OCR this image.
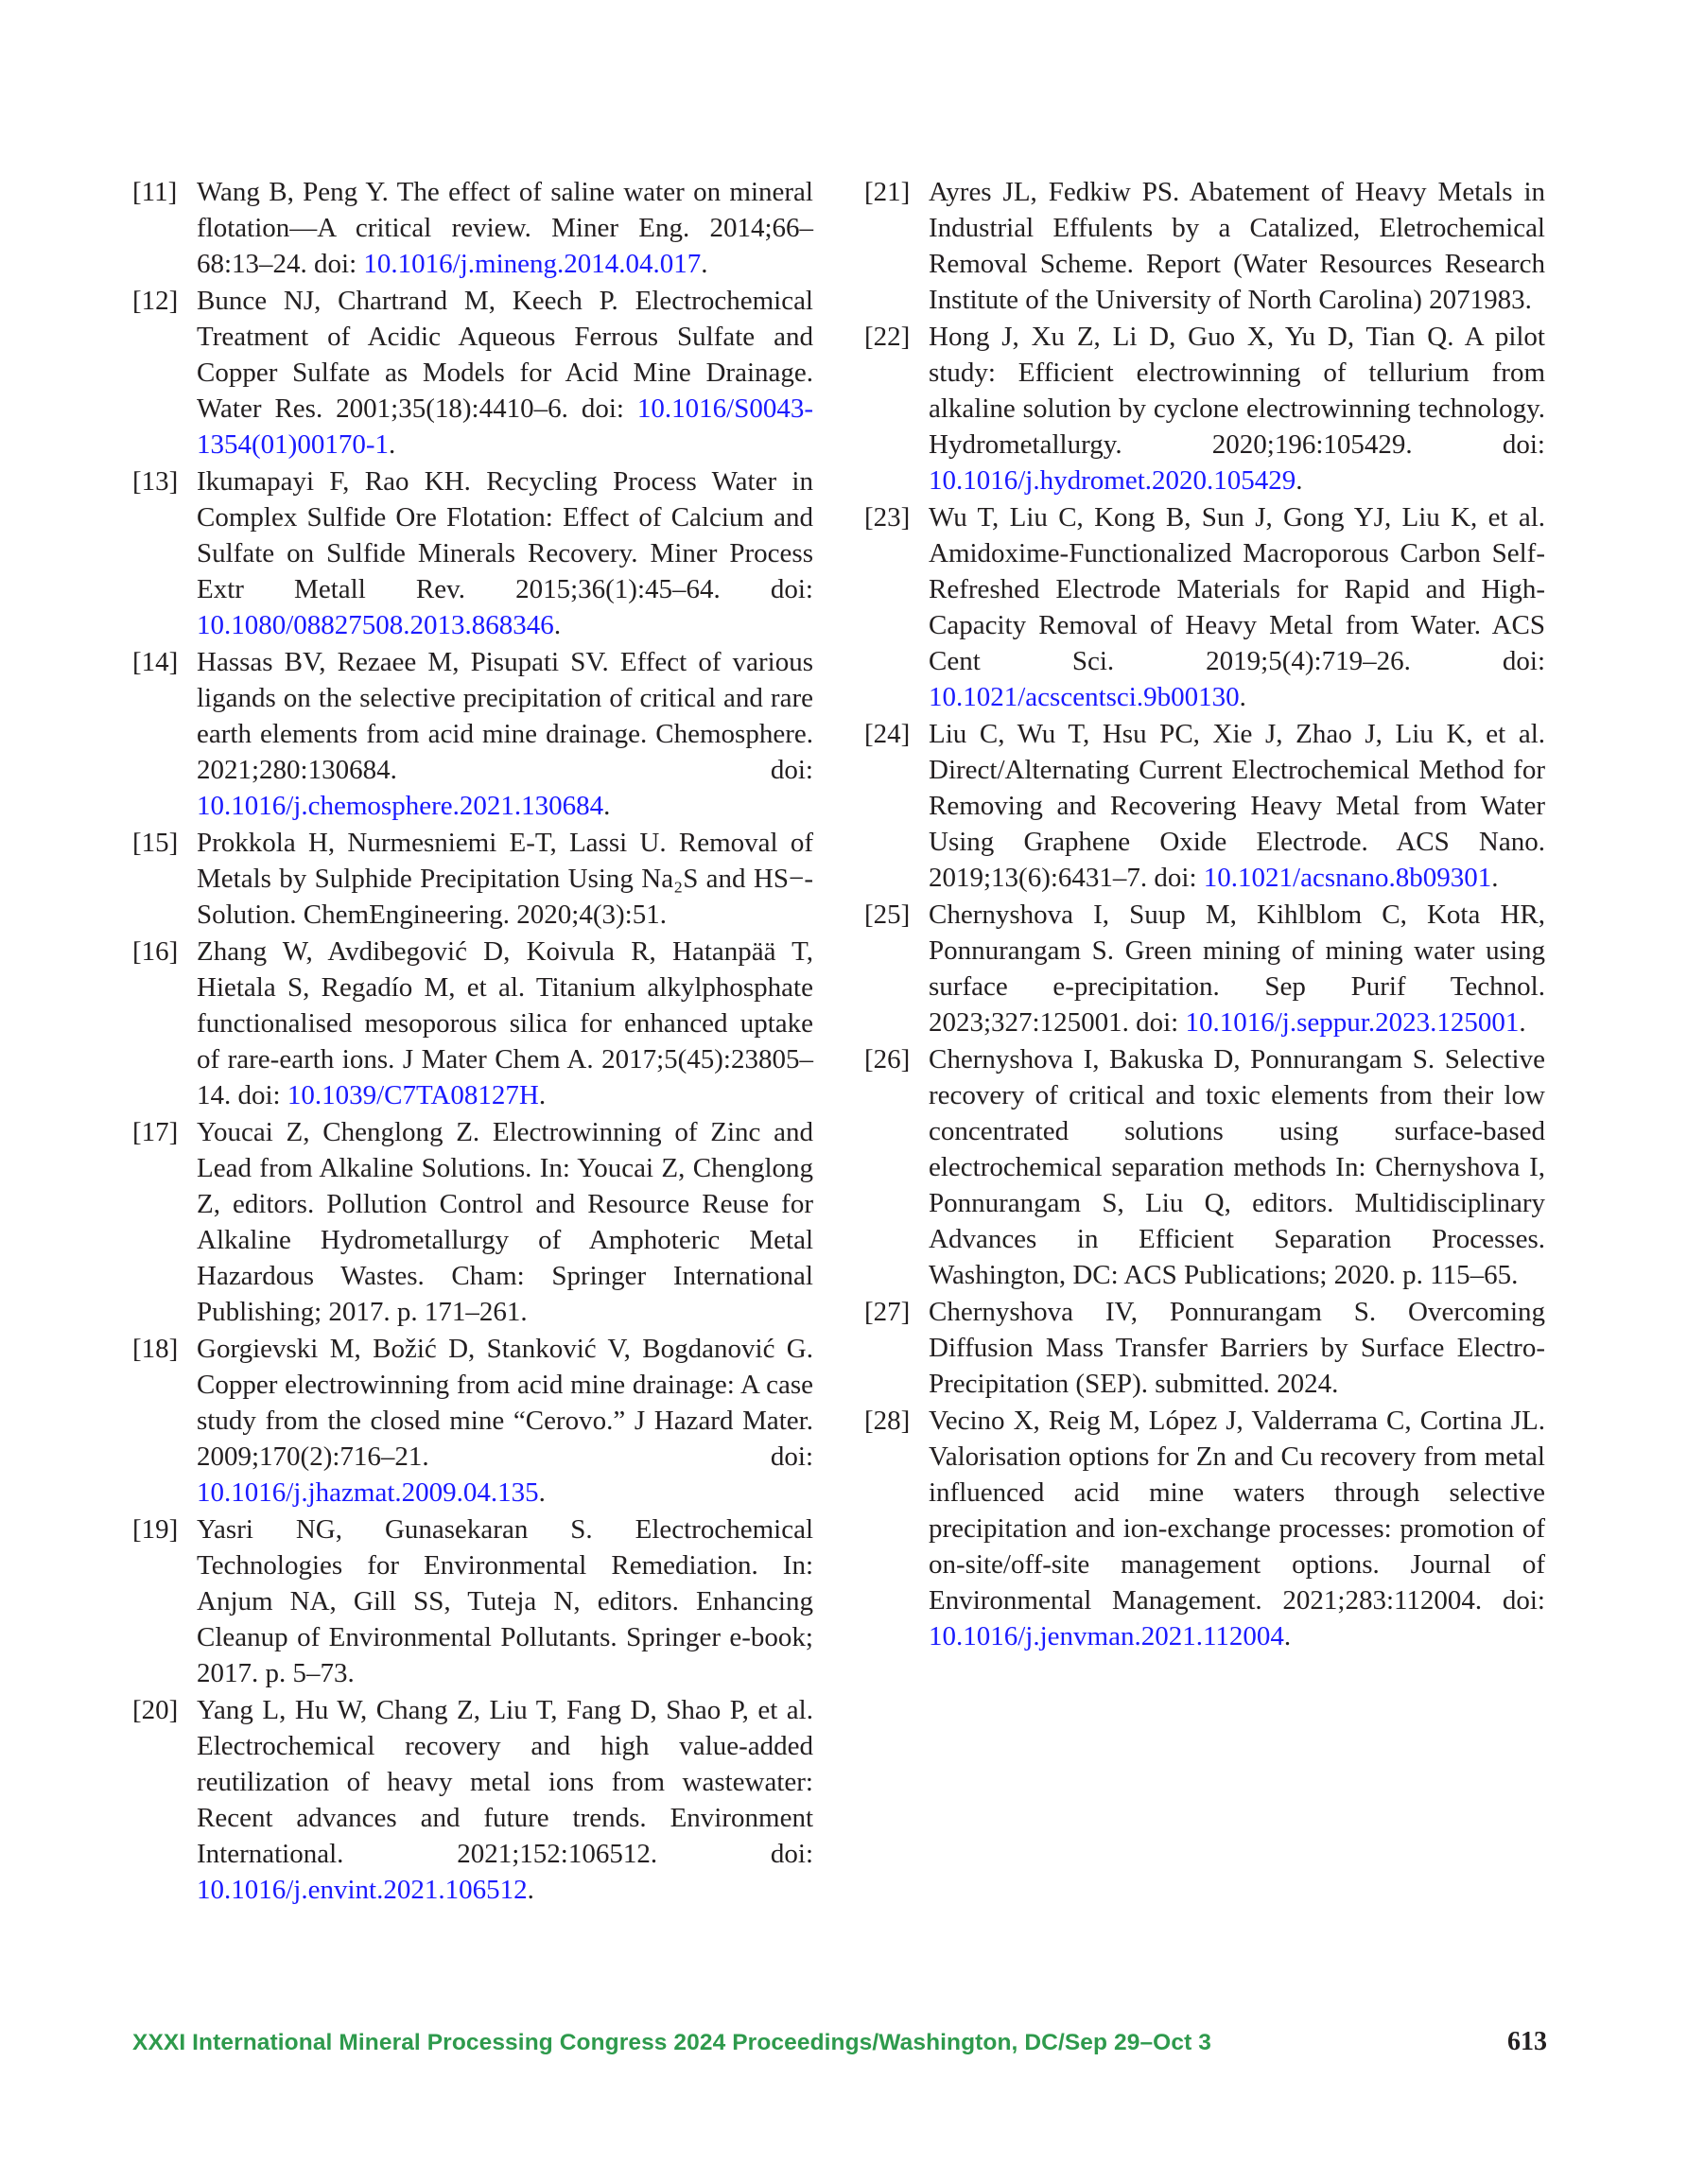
[11] Wang B, Peng Y. The effect of saline water on mineral flotation—A critical review. Miner Eng. 2014;66–68:13–24. doi: 10.1016/j.mineng.2014.04.017.
[12] Bunce NJ, Chartrand M, Keech P. Electrochemical Treatment of Acidic Aqueous Ferrous Sulfate and Copper Sulfate as Models for Acid Mine Drainage. Water Res. 2001;35(18):4410–6. doi: 10.1016/S0043-1354(01)00170-1.
[13] Ikumapayi F, Rao KH. Recycling Process Water in Complex Sulfide Ore Flotation: Effect of Calcium and Sulfate on Sulfide Minerals Recovery. Miner Process Extr Metall Rev. 2015;36(1):45–64. doi: 10.1080/08827508.2013.868346.
[14] Hassas BV, Rezaee M, Pisupati SV. Effect of various ligands on the selective precipitation of critical and rare earth elements from acid mine drainage. Chemosphere. 2021;280:130684. doi: 10.1016/j.chemosphere.2021.130684.
[15] Prokkola H, Nurmesniemi E-T, Lassi U. Removal of Metals by Sulphide Precipitation Using Na₂S and HS−-Solution. ChemEngineering. 2020;4(3):51.
[16] Zhang W, Avdibegović D, Koivula R, Hatanpää T, Hietala S, Regadío M, et al. Titanium alkylphosphate functionalised mesoporous silica for enhanced uptake of rare-earth ions. J Mater Chem A. 2017;5(45):23805–14. doi: 10.1039/C7TA08127H.
[17] Youcai Z, Chenglong Z. Electrowinning of Zinc and Lead from Alkaline Solutions. In: Youcai Z, Chenglong Z, editors. Pollution Control and Resource Reuse for Alkaline Hydrometallurgy of Amphoteric Metal Hazardous Wastes. Cham: Springer International Publishing; 2017. p. 171–261.
[18] Gorgievski M, Božić D, Stanković V, Bogdanović G. Copper electrowinning from acid mine drainage: A case study from the closed mine “Cerovo.” J Hazard Mater. 2009;170(2):716–21. doi: 10.1016/j.jhazmat.2009.04.135.
[19] Yasri NG, Gunasekaran S. Electrochemical Technologies for Environmental Remediation. In: Anjum NA, Gill SS, Tuteja N, editors. Enhancing Cleanup of Environmental Pollutants. Springer e-book; 2017. p. 5–73.
[20] Yang L, Hu W, Chang Z, Liu T, Fang D, Shao P, et al. Electrochemical recovery and high value-added reutilization of heavy metal ions from wastewater: Recent advances and future trends. Environment International. 2021;152:106512. doi: 10.1016/j.envint.2021.106512.
[21] Ayres JL, Fedkiw PS. Abatement of Heavy Metals in Industrial Effulents by a Catalized, Eletrochemical Removal Scheme. Report (Water Resources Research Institute of the University of North Carolina) 2071983.
[22] Hong J, Xu Z, Li D, Guo X, Yu D, Tian Q. A pilot study: Efficient electrowinning of tellurium from alkaline solution by cyclone electrowinning technology. Hydrometallurgy. 2020;196:105429. doi: 10.1016/j.hydromet.2020.105429.
[23] Wu T, Liu C, Kong B, Sun J, Gong YJ, Liu K, et al. Amidoxime-Functionalized Macroporous Carbon Self-Refreshed Electrode Materials for Rapid and High-Capacity Removal of Heavy Metal from Water. ACS Cent Sci. 2019;5(4):719–26. doi: 10.1021/acscentsci.9b00130.
[24] Liu C, Wu T, Hsu PC, Xie J, Zhao J, Liu K, et al. Direct/Alternating Current Electrochemical Method for Removing and Recovering Heavy Metal from Water Using Graphene Oxide Electrode. ACS Nano. 2019;13(6):6431–7. doi: 10.1021/acsnano.8b09301.
[25] Chernyshova I, Suup M, Kihlblom C, Kota HR, Ponnurangam S. Green mining of mining water using surface e-precipitation. Sep Purif Technol. 2023;327:125001. doi: 10.1016/j.seppur.2023.125001.
[26] Chernyshova I, Bakuska D, Ponnurangam S. Selective recovery of critical and toxic elements from their low concentrated solutions using surface-based electrochemical separation methods In: Chernyshova I, Ponnurangam S, Liu Q, editors. Multidisciplinary Advances in Efficient Separation Processes. Washington, DC: ACS Publications; 2020. p. 115–65.
[27] Chernyshova IV, Ponnurangam S. Overcoming Diffusion Mass Transfer Barriers by Surface Electro-Precipitation (SEP). submitted. 2024.
[28] Vecino X, Reig M, López J, Valderrama C, Cortina JL. Valorisation options for Zn and Cu recovery from metal influenced acid mine waters through selective precipitation and ion-exchange processes: promotion of on-site/off-site management options. Journal of Environmental Management. 2021;283:112004. doi: 10.1016/j.jenvman.2021.112004.
XXXI International Mineral Processing Congress 2024 Proceedings/Washington, DC/Sep 29–Oct 3	613
